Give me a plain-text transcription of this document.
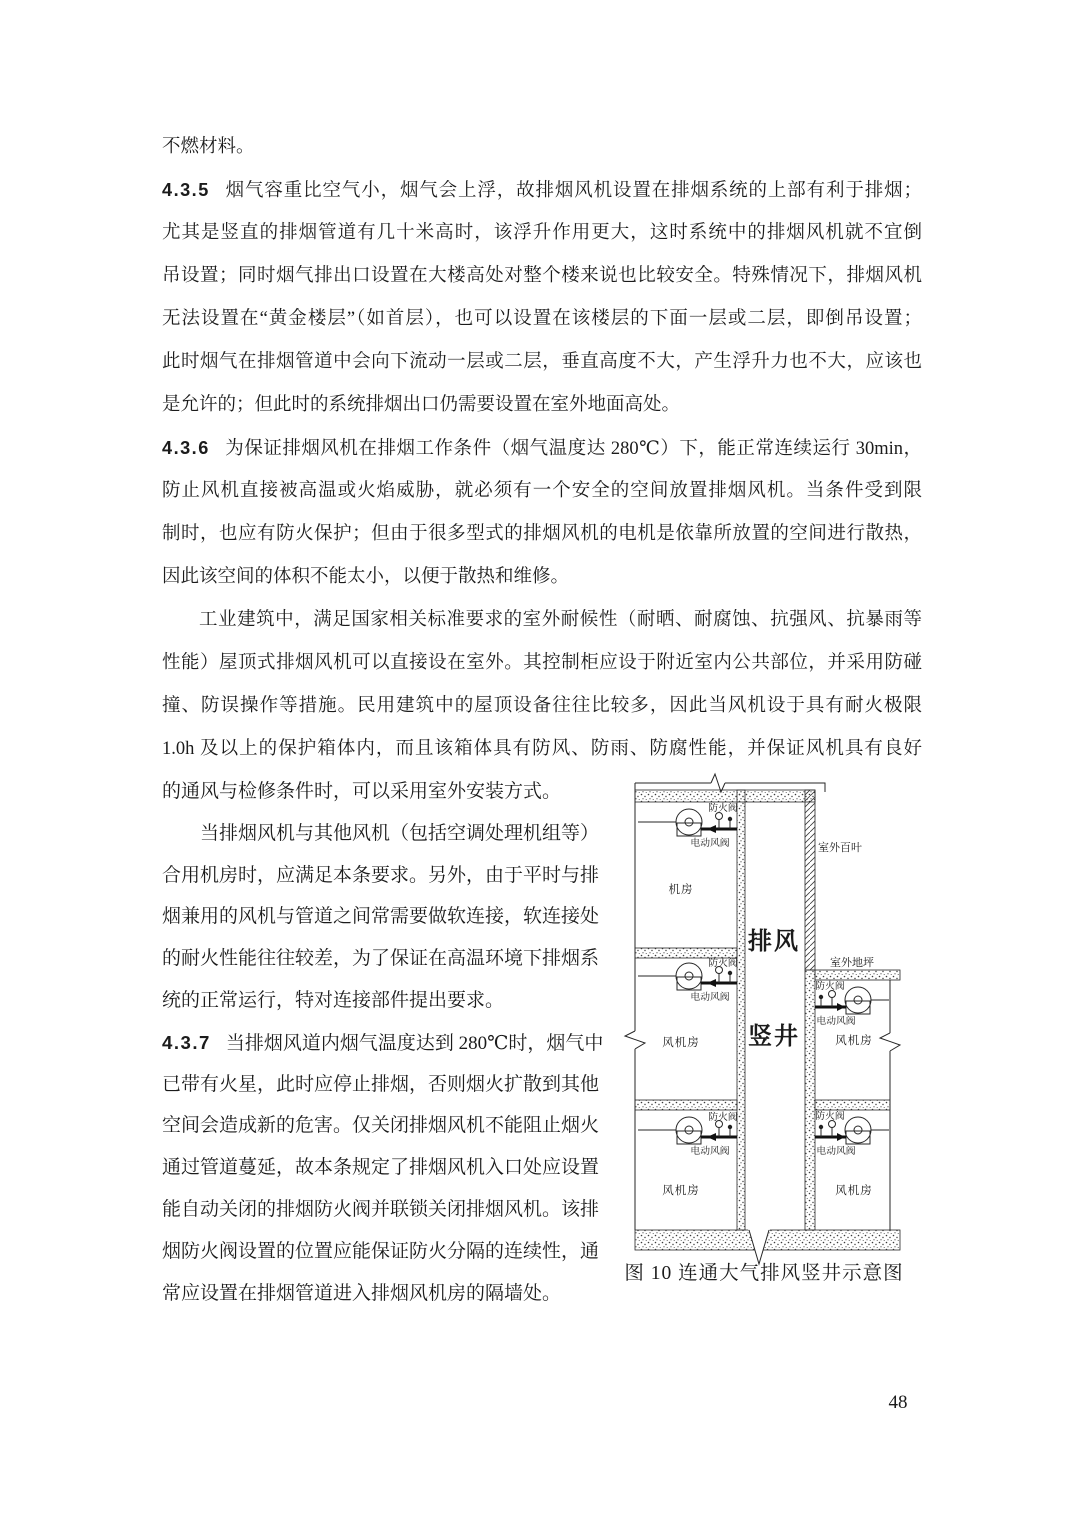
不燃材料。
4.3.5 烟气容重比空气小，烟气会上浮，故排烟风机设置在排烟系统的上部有利于排烟；
尤其是竖直的排烟管道有几十米高时，该浮升作用更大，这时系统中的排烟风机就不宜倒
吊设置；同时烟气排出口设置在大楼高处对整个楼来说也比较安全。特殊情况下，排烟风机
无法设置在“黄金楼层”（如首层），也可以设置在该楼层的下面一层或二层，即倒吊设置；
此时烟气在排烟管道中会向下流动一层或二层，垂直高度不大，产生浮升力也不大，应该也
是允许的；但此时的系统排烟出口仍需要设置在室外地面高处。
4.3.6 为保证排烟风机在排烟工作条件（烟气温度达 280℃）下，能正常连续运行 30min，
防止风机直接被高温或火焰威胁，就必须有一个安全的空间放置排烟风机。当条件受到限
制时，也应有防火保护；但由于很多型式的排烟风机的电机是依靠所放置的空间进行散热，
因此该空间的体积不能太小，以便于散热和维修。
工业建筑中，满足国家相关标准要求的室外耐候性（耐晒、耐腐蚀、抗强风、抗暴雨等
性能）屋顶式排烟风机可以直接设在室外。其控制柜应设于附近室内公共部位，并采用防碰
撞、防误操作等措施。民用建筑中的屋顶设备往往比较多，因此当风机设于具有耐火极限
1.0h 及以上的保护箱体内，而且该箱体具有防风、防雨、防腐性能，并保证风机具有良好
的通风与检修条件时，可以采用室外安装方式。
当排烟风机与其他风机（包括空调处理机组等）
合用机房时，应满足本条要求。另外，由于平时与排
烟兼用的风机与管道之间常需要做软连接，软连接处
的耐火性能往往较差，为了保证在高温环境下排烟系
统的正常运行，特对连接部件提出要求。
4.3.7 当排烟风道内烟气温度达到 280℃时，烟气中
已带有火星，此时应停止排烟，否则烟火扩散到其他
空间会造成新的危害。仅关闭排烟风机不能阻止烟火
通过管道蔓延，故本条规定了排烟风机入口处应设置
能自动关闭的排烟防火阀并联锁关闭排烟风机。该排
烟防火阀设置的位置应能保证防火分隔的连续性，通
常应设置在排烟管道进入排烟风机房的隔墙处。
防火阀
电动风阀
机房
防火阀
电动风阀
风机房
防火阀
电动风阀
风机房
防火阀
电动风阀
风机房
防火阀
电动风阀
风机房
排风
竖井
室外百叶
室外地坪
图 10 连通大气排风竖井示意图
48
